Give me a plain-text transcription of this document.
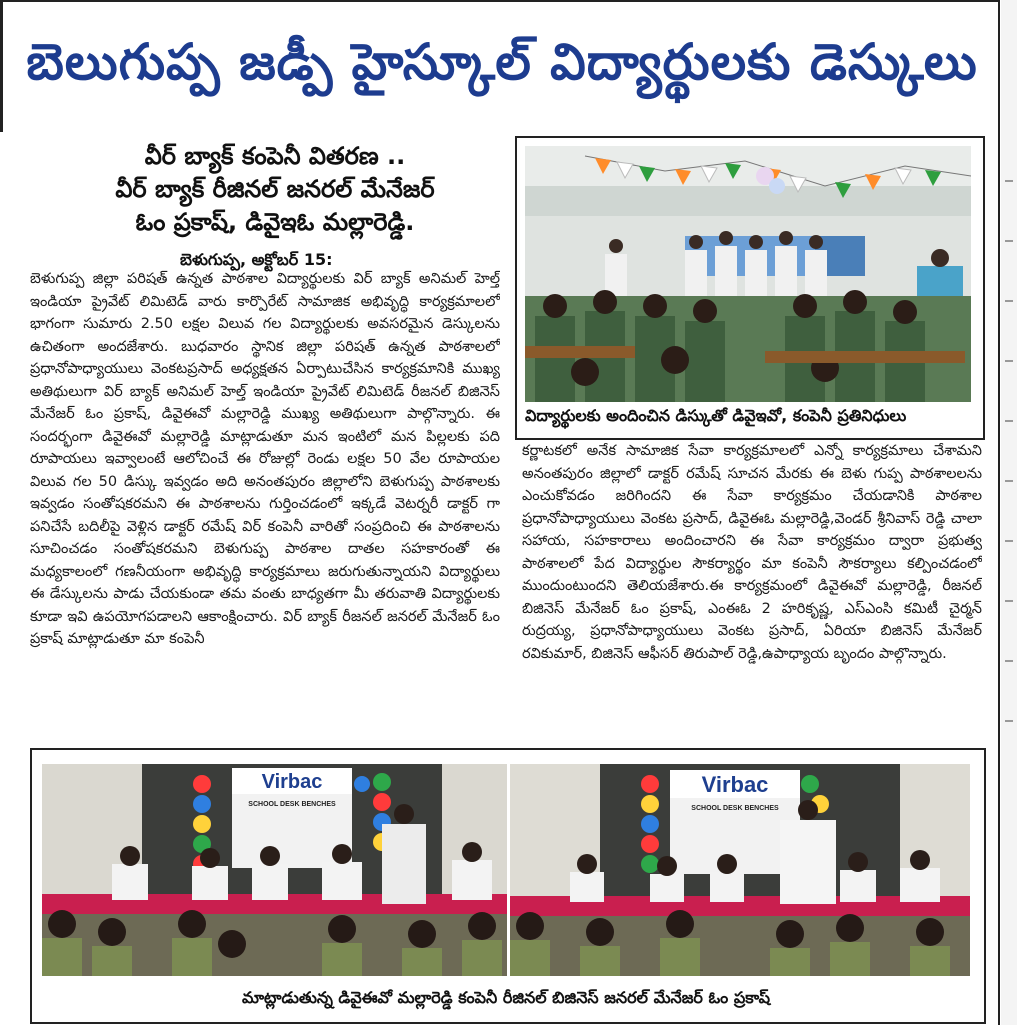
బెలుగుప్ప జడ్పీ హైస్కూల్ విద్యార్థులకు డెస్కులు
వీర్ బ్యాక్ కంపెనీ వితరణ ..
వీర్ బ్యాక్ రీజినల్ జనరల్ మేనేజర్
ఓం ప్రకాష్, డివైఇఓ మల్లారెడ్డి.
బెళుగుప్ప, అక్టోబర్ 15:
బెళుగుప్ప జిల్లా పరిషత్ ఉన్నత పాఠశాల విద్యార్థులకు విర్ బ్యాక్ అనిమల్ హెల్త్ ఇండియా ప్రైవేట్ లిమిటెడ్ వారు కార్పొరేట్ సామాజిక అభివృద్ధి కార్యక్రమాలలో భాగంగా సుమారు 2.50 లక్షల విలువ గల విద్యార్థులకు అవసరమైన డెస్కులను ఉచితంగా అందజేశారు. బుధవారం స్థానిక జిల్లా పరిషత్ ఉన్నత పాఠశాలలో ప్రధానోపాధ్యాయులు వెంకటప్రసాద్ అధ్యక్షతన ఏర్పాటుచేసిన కార్యక్రమానికి ముఖ్య అతిథులుగా విర్ బ్యాక్ అనిమల్ హెల్త్ ఇండియా ప్రైవేట్ లిమిటెడ్ రీజనల్ బిజినెస్ మేనేజర్ ఓం ప్రకాష్, డివైఈవో మల్లారెడ్డి ముఖ్య అతిథులుగా పాల్గొన్నారు. ఈ సందర్భంగా డివైఈవో మల్లారెడ్డి మాట్లాడుతూ మన ఇంటిలో మన పిల్లలకు పది రూపాయలు ఇవ్వాలంటే ఆలోచించే ఈ రోజుల్లో రెండు లక్షల 50 వేల రూపాయల విలువ గల 50 డిస్కు ఇవ్వడం అది అనంతపురం జిల్లాలోని బెళుగుప్ప పాఠశాలకు ఇవ్వడం సంతోషకరమని ఈ పాఠశాలను గుర్తించడంలో ఇక్కడే వెటర్నరీ డాక్టర్ గా పనిచేసే బదిలీపై వెళ్లిన డాక్టర్ రమేష్ విర్ కంపెనీ వారితో సంప్రదించి ఈ పాఠశాలను సూచించడం సంతోషకరమని బెళుగుప్ప పాఠశాల దాతల సహకారంతో ఈ మధ్యకాలంలో గణనీయంగా అభివృద్ధి కార్యక్రమాలు జరుగుతున్నాయని విద్యార్థులు ఈ డేస్కులను పాడు చేయకుండా తమ వంతు బాధ్యతగా మీ తరువాతి విద్యార్థులకు కూడా ఇవి ఉపయోగపడాలని ఆకాంక్షించారు. విర్ బ్యాక్ రీజనల్ జనరల్ మేనేజర్ ఓం ప్రకాష్ మాట్లాడుతూ మా కంపెనీ
విద్యార్థులకు అందించిన డిస్కుతో డివైఇవో, కంపెనీ ప్రతినిధులు
కర్ణాటకలో అనేక సామాజిక సేవా కార్యక్రమాలలో ఎన్నో కార్యక్రమాలు చేశామని అనంతపురం జిల్లాలో డాక్టర్ రమేష్ సూచన మేరకు ఈ బెళు గుప్ప పాఠశాలలను ఎంచుకోవడం జరిగిందని ఈ సేవా కార్యక్రమం చేయడానికి పాఠశాల ప్రధానోపాధ్యాయులు వెంకట ప్రసాద్, డివైఈఓ మల్లారెడ్డి,వెండర్ శ్రీనివాస్ రెడ్డి చాలా సహాయ, సహకారాలు అందించారని ఈ సేవా కార్యక్రమం ద్వారా ప్రభుత్వ పాఠశాలలో పేద విద్యార్థుల సౌకర్యార్థం మా కంపెనీ సౌకర్యాలు కల్పించడంలో ముందుంటుందని తెలియజేశారు.ఈ కార్యక్రమంలో డివైఈవో మల్లారెడ్డి, రీజనల్ బిజినెస్ మేనేజర్ ఓం ప్రకాష్, ఎంఈఓ 2 హరికృష్ణ, ఎస్ఎంసి కమిటీ చైర్మన్ రుద్రయ్య, ప్రధానోపాధ్యాయులు వెంకట ప్రసాద్, ఏరియా బిజినెస్ మేనేజర్ రవికుమార్, బిజినెస్ ఆఫీసర్ తిరుపాల్ రెడ్డి,ఉపాధ్యాయ బృందం పాల్గొన్నారు.
Virbac
SCHOOL DESK BENCHES
Virbac
SCHOOL DESK BENCHES
మాట్లాడుతున్న డివైఈవో మల్లారెడ్డి కంపెనీ రీజినల్ బిజినెస్ జనరల్ మేనేజర్ ఓం ప్రకాష్
